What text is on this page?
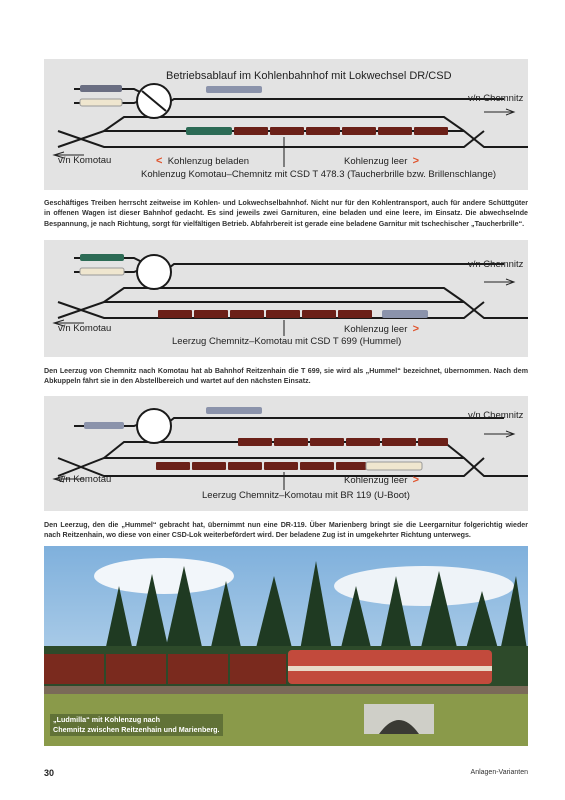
Betriebsablauf im Kohlenbahnhof mit Lokwechsel DR/CSD
v/n Komotau
v/n Chemnitz
< Kohlenzug beladen	Kohlenzug leer >
Kohlenzug Komotau–Chemnitz mit CSD T 478.3 (Taucherbrille bzw. Brillenschlange)
Geschäftiges Treiben herrscht zeitweise im Kohlen- und Lokwechselbahnhof. Nicht nur für den Kohlentransport, auch für andere Schüttgüter in offenen Wagen ist dieser Bahnhof gedacht. Es sind jeweils zwei Garnituren, eine beladen und eine leere, im Einsatz. Die abwechselnde Bespannung, je nach Richtung, sorgt für vielfältigen Betrieb. Abfahrbereit ist gerade eine beladene Garnitur mit tschechischer „Taucherbrille“.
v/n Komotau
v/n Chemnitz
Kohlenzug leer >
Leerzug Chemnitz–Komotau mit CSD T 699 (Hummel)
Den Leerzug von Chemnitz nach Komotau hat ab Bahnhof Reitzenhain die T 699, sie wird als „Hummel“ bezeichnet, übernommen. Nach dem Abkuppeln fährt sie in den Abstellbereich und wartet auf den nächsten Einsatz.
v/n Komotau
v/n Chemnitz
Kohlenzug leer >
Leerzug Chemnitz–Komotau mit BR 119 (U-Boot)
Den Leerzug, den die „Hummel“ gebracht hat, übernimmt nun eine DR-119. Über Marienberg bringt sie die Leergarnitur folgerichtig wieder nach Reitzenhain, wo diese von einer CSD-Lok weiterbefördert wird. Der beladene Zug ist in umgekehrter Richtung unterwegs.
„Ludmilla“ mit Kohlenzug nach
Chemnitz zwischen Reitzenhain und Marienberg.
30	Anlagen-Varianten
